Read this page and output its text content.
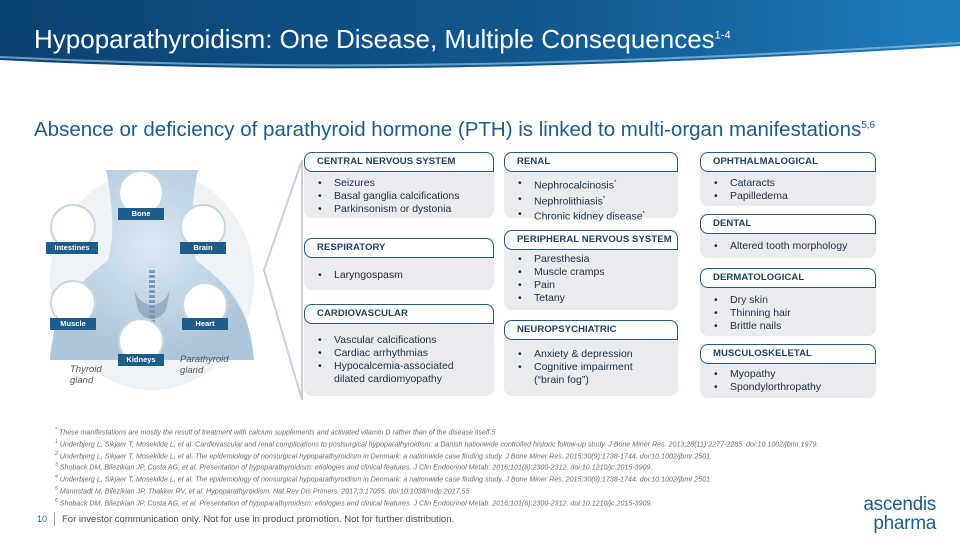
Hypoparathyroidism: One Disease, Multiple Consequences$^{1-4}$
Absence or deficiency of parathyroid hormone (PTH) is linked to multi-organ manifestations$^{5,6}$
Bone
Intestines	Brain
Muscle	Heart
Kidneys
Thyroid gland
Parathyroid gland
CENTRAL NERVOUS SYSTEM
• Seizures
• Basal ganglia calcifications
• Parkinsonism or dystonia
RESPIRATORY
• Laryngospasm
CARDIOVASCULAR
• Vascular calcifications
• Cardiac arrhythmias
• Hypocalcemia-associated
dilated cardiomyopathy
RENAL
• Nephrocalcinosis*
• Nephrolithiasis*
• Chronic kidney disease*
PERIPHERAL NERVOUS SYSTEM
• Paresthesia
• Muscle cramps
• Pain
• Tetany
NEUROPSYCHIATRIC
• Anxiety & depression
• Cognitive impairment
(“brain fog”)
OPHTHALMALOGICAL
• Cataracts
• Papilledema
DENTAL
• Altered tooth morphology
DERMATOLOGICAL
• Dry skin
• Thinning hair
• Brittle nails
MUSCULOSKELETAL
• Myopathy
• Spondylorthropathy
* These manifestations are mostly the result of treatment with calcium supplements and activated vitamin D rather than of the disease itself.5
$^1$ Underbjerg L, Sikjaer T, Mosekilde L, et al. Cardiovascular and renal complications to postsurgical hypoparathyroidism: a Danish nationwide controlled historic follow-up study. J Bone Miner Res. 2013;28(11):2277-2285. doi:10.1002/jbmr.1979.
$^2$ Underbjerg L, Sikjaer T, Mosekilde L, et al. The epidemiology of nonsurgical hypoparathyroidism in Denmark: a nationwide case finding study. J Bone Miner Res. 2015;30(9):1738-1744. doi:10.1002/jbmr.2501.
$^3$ Shoback DM, Bilezikian JP, Costa AG, et al. Presentation of hypoparathyroidism: etiologies and clinical features. J Clin Endocrinol Metab. 2016;101(6):2300-2312. doi:10.1210/jc.2015-3909.
$^4$ Underbjerg L, Sikjaer T, Mosekilde L, et al. The epidemiology of nonsurgical hypoparathyroidism in Denmark: a nationwide case finding study. J Bone Miner Res. 2015;30(9):1738-1744. doi:10.1002/jbmr.2501.
$^5$ Mannstadt M, Bilezikian JP, Thakker RV, et al. Hypoparathyroidism. Nat Rev Dis Primers. 2017;3:17055. doi:10.1038/nrdp.2017.55.
$^6$ Shoback DM, Bilezikian JP, Costa AG, et al. Presentation of hypoparathyroidism: etiologies and clinical features. J Clin Endocrinol Metab. 2016;101(6):2300-2312. doi:10.1210/jc.2015-3909.
10 For investor communication only. Not for use in product promotion. Not for further distribution.
ascendis
pharma
